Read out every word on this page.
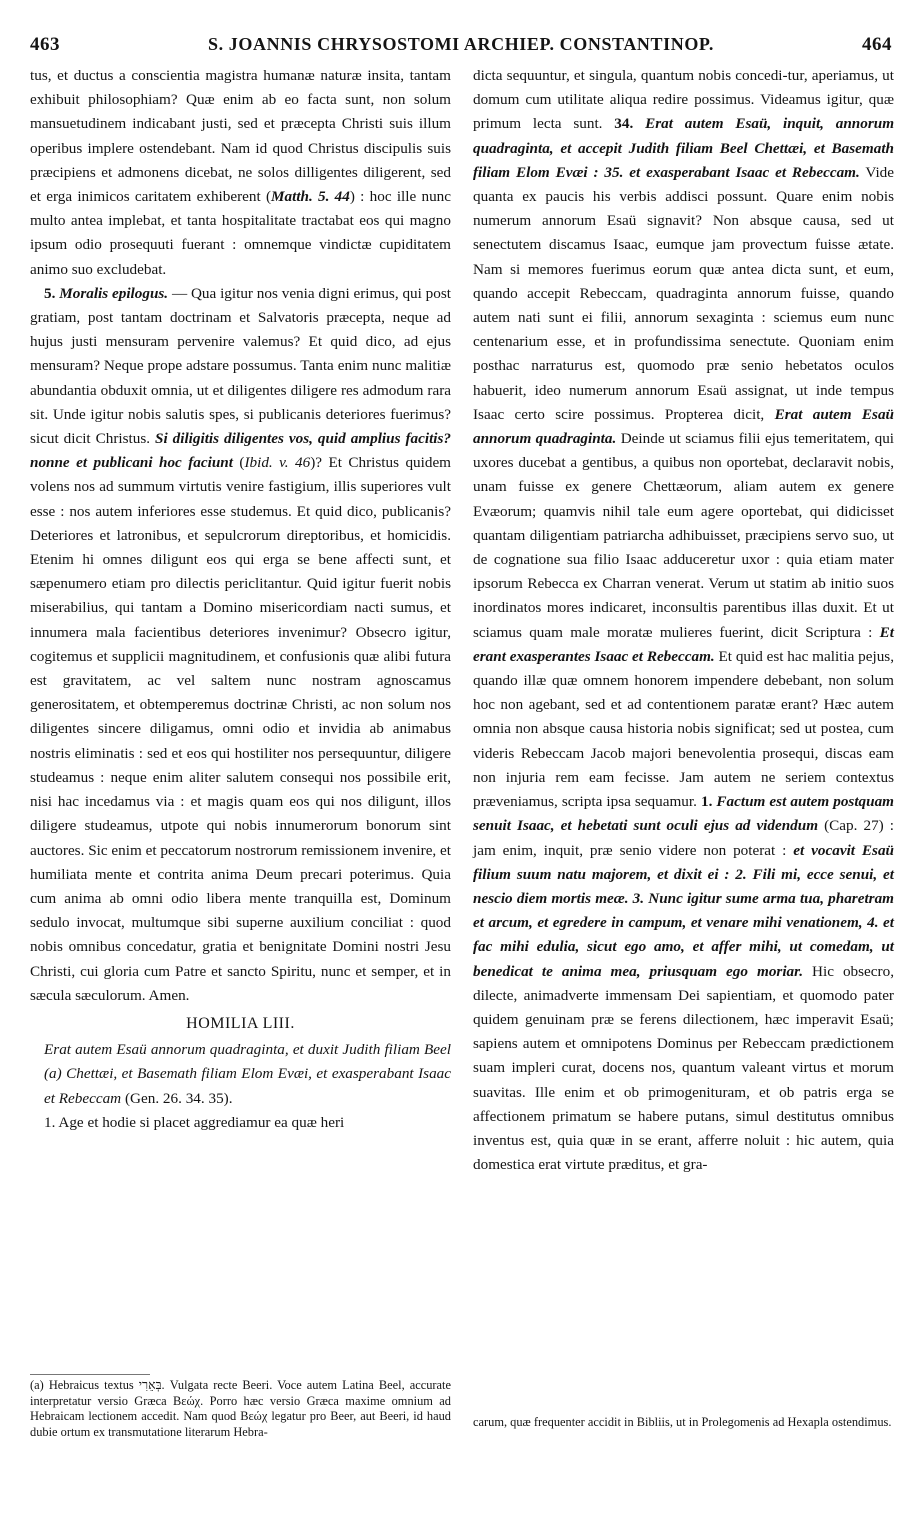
463	S. JOANNIS CHRYSOSTOMI ARCHIEP. CONSTANTINOP.	464

tus, et ductus a conscientia magistra humanæ naturæ insita, tantam exhibuit philosophiam? Quæ enim ab eo facta sunt, non solum mansuetudinem indicabant justi, sed et præcepta Christi suis illum operibus implere ostendebant. Nam id quod Christus discipulis suis præcipiens et admonens dicebat, ne solos dilligentes diligerent, sed et erga inimicos caritatem exhiberent (Matth. 5. 44) : hoc ille nunc multo antea implebat, et tanta hospitalitate tractabat eos qui magno ipsum odio prosequuti fuerant : omnemque vindictæ cupiditatem animo suo excludebat.

5. Moralis epilogus. — Qua igitur nos venia digni erimus, qui post gratiam, post tantam doctrinam et Salvatoris præcepta, neque ad hujus justi mensuram pervenire valemus? Et quid dico, ad ejus mensuram? Neque prope adstare possumus. Tanta enim nunc malitiæ abundantia obduxit omnia, ut et diligentes diligere res admodum rara sit. Unde igitur nobis salutis spes, si publicanis deteriores fuerimus? sicut dicit Christus. Si diligitis diligentes vos, quid amplius facitis? nonne et publicani hoc faciunt (Ibid. v. 46)? Et Christus quidem volens nos ad summum virtutis venire fastigium, illis superiores vult esse : nos autem inferiores esse studemus. Et quid dico, publicanis? Deteriores et latronibus, et sepulcrorum direptoribus, et homicidis. Etenim hi omnes diligunt eos qui erga se bene affecti sunt, et sæpenumero etiam pro dilectis periclitantur. Quid igitur fuerit nobis miserabilius, qui tantam a Domino misericordiam nacti sumus, et innumera mala facientibus deteriores invenimur? Obsecro igitur, cogitemus et supplicii magnitudinem, et confusionis quæ alibi futura est gravitatem, ac vel saltem nunc nostram agnoscamus generositatem, et obtemperemus doctrinæ Christi, ac non solum nos diligentes sincere diligamus, omni odio et invidia ab animabus nostris eliminatis : sed et eos qui hostiliter nos persequuntur, diligere studeamus : neque enim aliter salutem consequi nos possibile erit, nisi hac incedamus via : et magis quam eos qui nos diligunt, illos diligere studeamus, utpote qui nobis innumerorum bonorum sint auctores. Sic enim et peccatorum nostrorum remissionem invenire, et humiliata mente et contrita anima Deum precari poterimus. Quia cum anima ab omni odio libera mente tranquilla est, Dominum sedulo invocat, multumque sibi superne auxilium conciliat : quod nobis omnibus concedatur, gratia et benignitate Domini nostri Jesu Christi, cui gloria cum Patre et sancto Spiritu, nunc et semper, et in sæcula sæculorum. Amen.

HOMILIA LIII.

Erat autem Esaü annorum quadraginta, et duxit Judith filiam Beel (a) Chettæi, et Basemath filiam Elom Evæi, et exasperabant Isaac et Rebeccam (Gen. 26. 34. 35).

1. Age et hodie si placet aggrediamur ea quæ heri

(a) Hebraicus textus בְּאֵרִי. Vulgata recte Beeri. Voce autem Latina Beel, accurate interpretatur versio Græca Βεώχ. Porro hæc versio Græca maxime omnium ad Hebraicam lectionem accedit. Nam quod Βεώχ legatur pro Beer, aut Beeri, id haud dubie ortum ex transmutatione literarum Hebra-

dicta sequuntur, et singula, quantum nobis concedi-tur, aperiamus, ut domum cum utilitate aliqua redire possimus. Videamus igitur, quæ primum lecta sunt. 34. Erat autem Esaü, inquit, annorum quadraginta, et accepit Judith filiam Beel Chettæi, et Basemath filiam Elom Evæi : 35. et exasperabant Isaac et Rebeccam. Vide quanta ex paucis his verbis addisci possunt. Quare enim nobis numerum annorum Esaü signavit? Non absque causa, sed ut senectutem discamus Isaac, eumque jam provectum fuisse ætate. Nam si memores fuerimus eorum quæ antea dicta sunt, et eum, quando accepit Rebeccam, quadraginta annorum fuisse, quando autem nati sunt ei filii, annorum sexaginta : sciemus eum nunc centenarium esse, et in profundissima senectute. Quoniam enim posthac narraturus est, quomodo præ senio hebetatos oculos habuerit, ideo numerum annorum Esaü assignat, ut inde tempus Isaac certo scire possimus. Propterea dicit, Erat autem Esaü annorum quadraginta. Deinde ut sciamus filii ejus temeritatem, qui uxores ducebat a gentibus, a quibus non oportebat, declaravit nobis, unam fuisse ex genere Chettæorum, aliam autem ex genere Evæorum; quamvis nihil tale eum agere oportebat, qui didicisset quantam diligentiam patriarcha adhibuisset, præcipiens servo suo, ut de cognatione sua filio Isaac adduceretur uxor : quia etiam mater ipsorum Rebecca ex Charran venerat. Verum ut statim ab initio suos inordinatos mores indicaret, inconsultis parentibus illas duxit. Et ut sciamus quam male moratæ mulieres fuerint, dicit Scriptura : Et erant exasperantes Isaac et Rebeccam. Et quid est hac malitia pejus, quando illæ quæ omnem honorem impendere debebant, non solum hoc non agebant, sed et ad contentionem paratæ erant? Hæc autem omnia non absque causa historia nobis significat; sed ut postea, cum videris Rebeccam Jacob majori benevolentia prosequi, discas eam non injuria rem eam fecisse. Jam autem ne seriem contextus præveniamus, scripta ipsa sequamur. 1. Factum est autem postquam senuit Isaac, et hebetati sunt oculi ejus ad videndum (Cap. 27) : jam enim, inquit, præ senio videre non poterat : et vocavit Esaü filium suum natu majorem, et dixit ei : 2. Fili mi, ecce senui, et nescio diem mortis meæ. 3. Nunc igitur sume arma tua, pharetram et arcum, et egredere in campum, et venare mihi venationem, 4. et fac mihi edulia, sicut ego amo, et affer mihi, ut comedam, ut benedicat te anima mea, priusquam ego moriar. Hic obsecro, dilecte, animadverte immensam Dei sapientiam, et quomodo pater quidem genuinam præ se ferens dilectionem, hæc imperavit Esaü; sapiens autem et omnipotens Dominus per Rebeccam prædictionem suam impleri curat, docens nos, quantum valeant virtus et morum suavitas. Ille enim et ob primogenituram, et ob patris erga se affectionem primatum se habere putans, simul destitutus omnibus inventus est, quia quæ in se erant, afferre noluit : hic autem, quia domestica erat virtute præditus, et gra-

carum, quæ frequenter accidit in Bibliis, ut in Prolegomenis ad Hexapla ostendimus.
